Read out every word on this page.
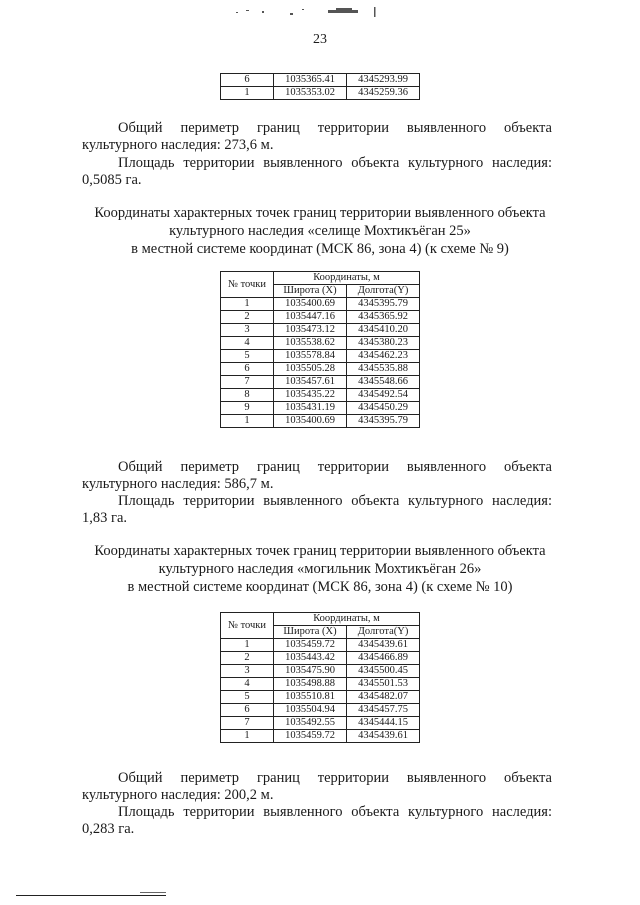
23
6	1035365.41	4345293.99
1	1035353.02	4345259.36
Общий периметр границ территории выявленного объекта
культурного наследия: 273,6 м.
Площадь территории выявленного объекта культурного наследия:
0,5085 га.
Координаты характерных точек границ территории выявленного объекта
культурного наследия «селище Мохтикъёган 25»
в местной системе координат (МСК 86, зона 4) (к схеме № 9)
№ точки	Координаты, м	
	Широта (X)	Долгота(Y)
1	1035400.69	4345395.79
2	1035447.16	4345365.92
3	1035473.12	4345410.20
4	1035538.62	4345380.23
5	1035578.84	4345462.23
6	1035505.28	4345535.88
7	1035457.61	4345548.66
8	1035435.22	4345492.54
9	1035431.19	4345450.29
1	1035400.69	4345395.79
Общий периметр границ территории выявленного объекта
культурного наследия: 586,7 м.
Площадь территории выявленного объекта культурного наследия:
1,83 га.
Координаты характерных точек границ территории выявленного объекта
культурного наследия «могильник Мохтикъёган 26»
в местной системе координат (МСК 86, зона 4) (к схеме № 10)
№ точки	Координаты, м	
	Широта (X)	Долгота(Y)
1	1035459.72	4345439.61
2	1035443.42	4345466.89
3	1035475.90	4345500.45
4	1035498.88	4345501.53
5	1035510.81	4345482.07
6	1035504.94	4345457.75
7	1035492.55	4345444.15
1	1035459.72	4345439.61
Общий периметр границ территории выявленного объекта
культурного наследия: 200,2 м.
Площадь территории выявленного объекта культурного наследия:
0,283 га.
